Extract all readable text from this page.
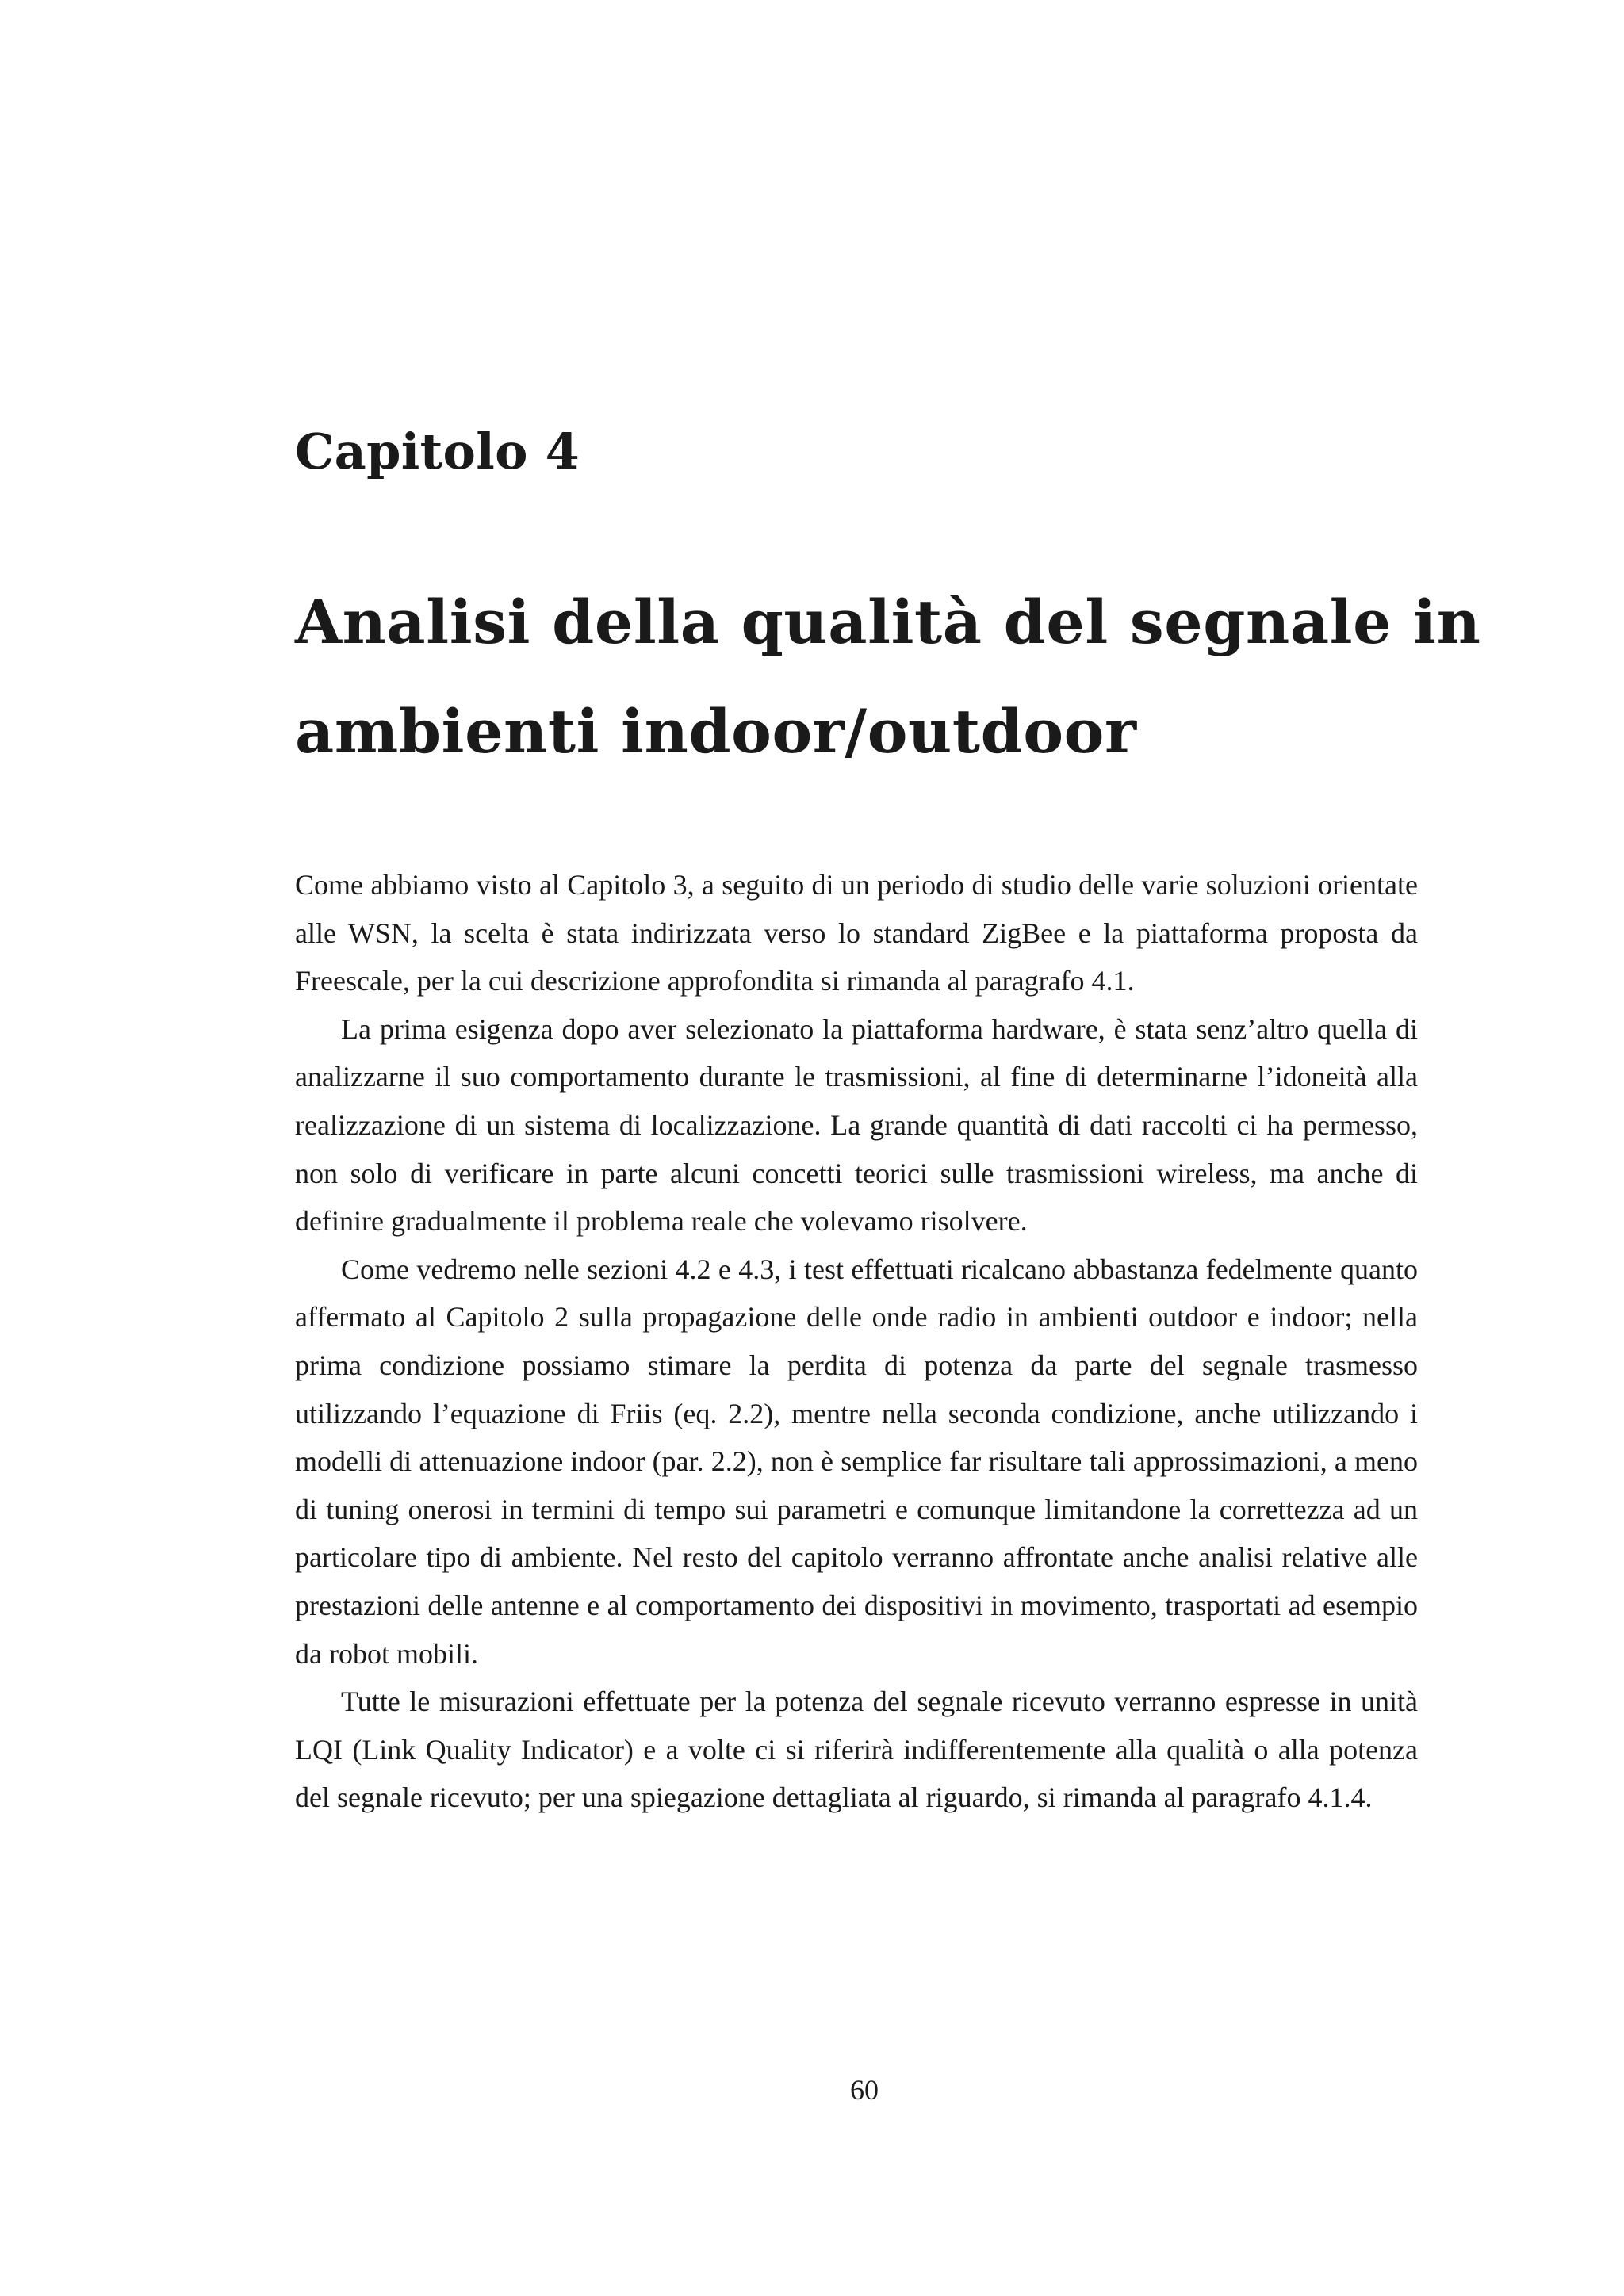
Capitolo 4
Analisi della qualità del segnale in
ambienti indoor/outdoor

Come abbiamo visto al Capitolo 3, a seguito di un periodo di studio delle varie soluzioni orientate alle WSN, la scelta è stata indirizzata verso lo standard ZigBee e la piattaforma proposta da Freescale, per la cui descrizione approfondita si rimanda al paragrafo 4.1.

La prima esigenza dopo aver selezionato la piattaforma hardware, è stata senz’altro quella di analizzarne il suo comportamento durante le trasmissioni, al fine di determinarne l’idoneità alla realizzazione di un sistema di localizzazione. La grande quantità di dati raccolti ci ha permesso, non solo di verificare in parte alcuni concetti teorici sulle trasmissioni wireless, ma anche di definire gradualmente il problema reale che volevamo risolvere.

Come vedremo nelle sezioni 4.2 e 4.3, i test effettuati ricalcano abbastanza fedelmente quanto affermato al Capitolo 2 sulla propagazione delle onde radio in ambienti outdoor e indoor; nella prima condizione possiamo stimare la perdita di potenza da parte del segnale trasmesso utilizzando l’equazione di Friis (eq. 2.2), mentre nella seconda condizione, anche utilizzando i modelli di attenuazione indoor (par. 2.2), non è semplice far risultare tali approssimazioni, a meno di tuning onerosi in termini di tempo sui parametri e comunque limitandone la correttezza ad un particolare tipo di ambiente. Nel resto del capitolo verranno affrontate anche analisi relative alle prestazioni delle antenne e al comportamento dei dispositivi in movimento, trasportati ad esempio da robot mobili.

Tutte le misurazioni effettuate per la potenza del segnale ricevuto verranno espresse in unità LQI (Link Quality Indicator) e a volte ci si riferirà indifferentemente alla qualità o alla potenza del segnale ricevuto; per una spiegazione dettagliata al riguardo, si rimanda al paragrafo 4.1.4.

60
